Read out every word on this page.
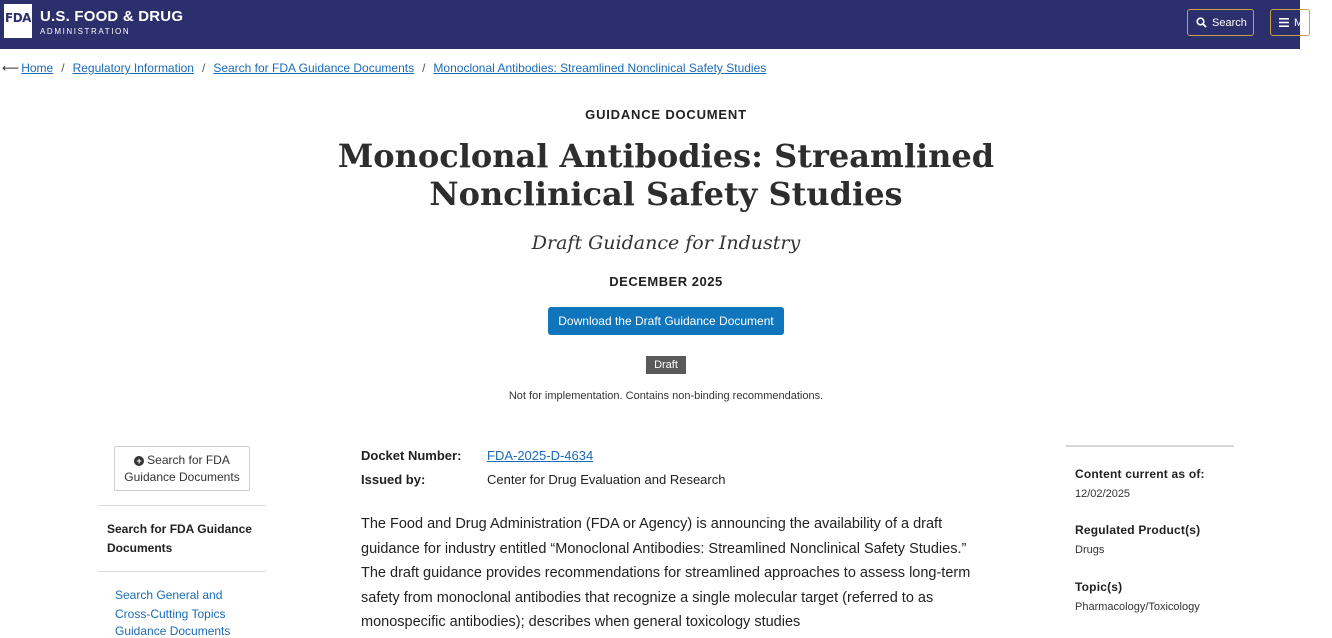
FDA U.S. FOOD & DRUG
ADMINISTRATION
Search	M
⟵ Home / Regulatory Information / Search for FDA Guidance Documents / Monoclonal Antibodies: Streamlined Nonclinical Safety Studies
GUIDANCE DOCUMENT
Monoclonal Antibodies: Streamlined Nonclinical Safety Studies
Draft Guidance for Industry
DECEMBER 2025
Download the Draft Guidance Document
Draft
Not for implementation. Contains non-binding recommendations.
+ Search for FDA Guidance Documents
Search for FDA Guidance Documents
Search General and Cross-Cutting Topics
Guidance Documents
Docket Number: FDA-2025-D-4634
Issued by:	Center for Drug Evaluation and Research
The Food and Drug Administration (FDA or Agency) is announcing the availability of a draft guidance for industry entitled “Monoclonal Antibodies: Streamlined Nonclinical Safety Studies.” The draft guidance provides recommendations for streamlined approaches to assess long-term safety from monoclonal antibodies that recognize a single molecular target (referred to as monospecific antibodies); describes when general toxicology studies
Content current as of:
12/02/2025
Regulated Product(s)
Drugs
Topic(s)
Pharmacology/Toxicology
